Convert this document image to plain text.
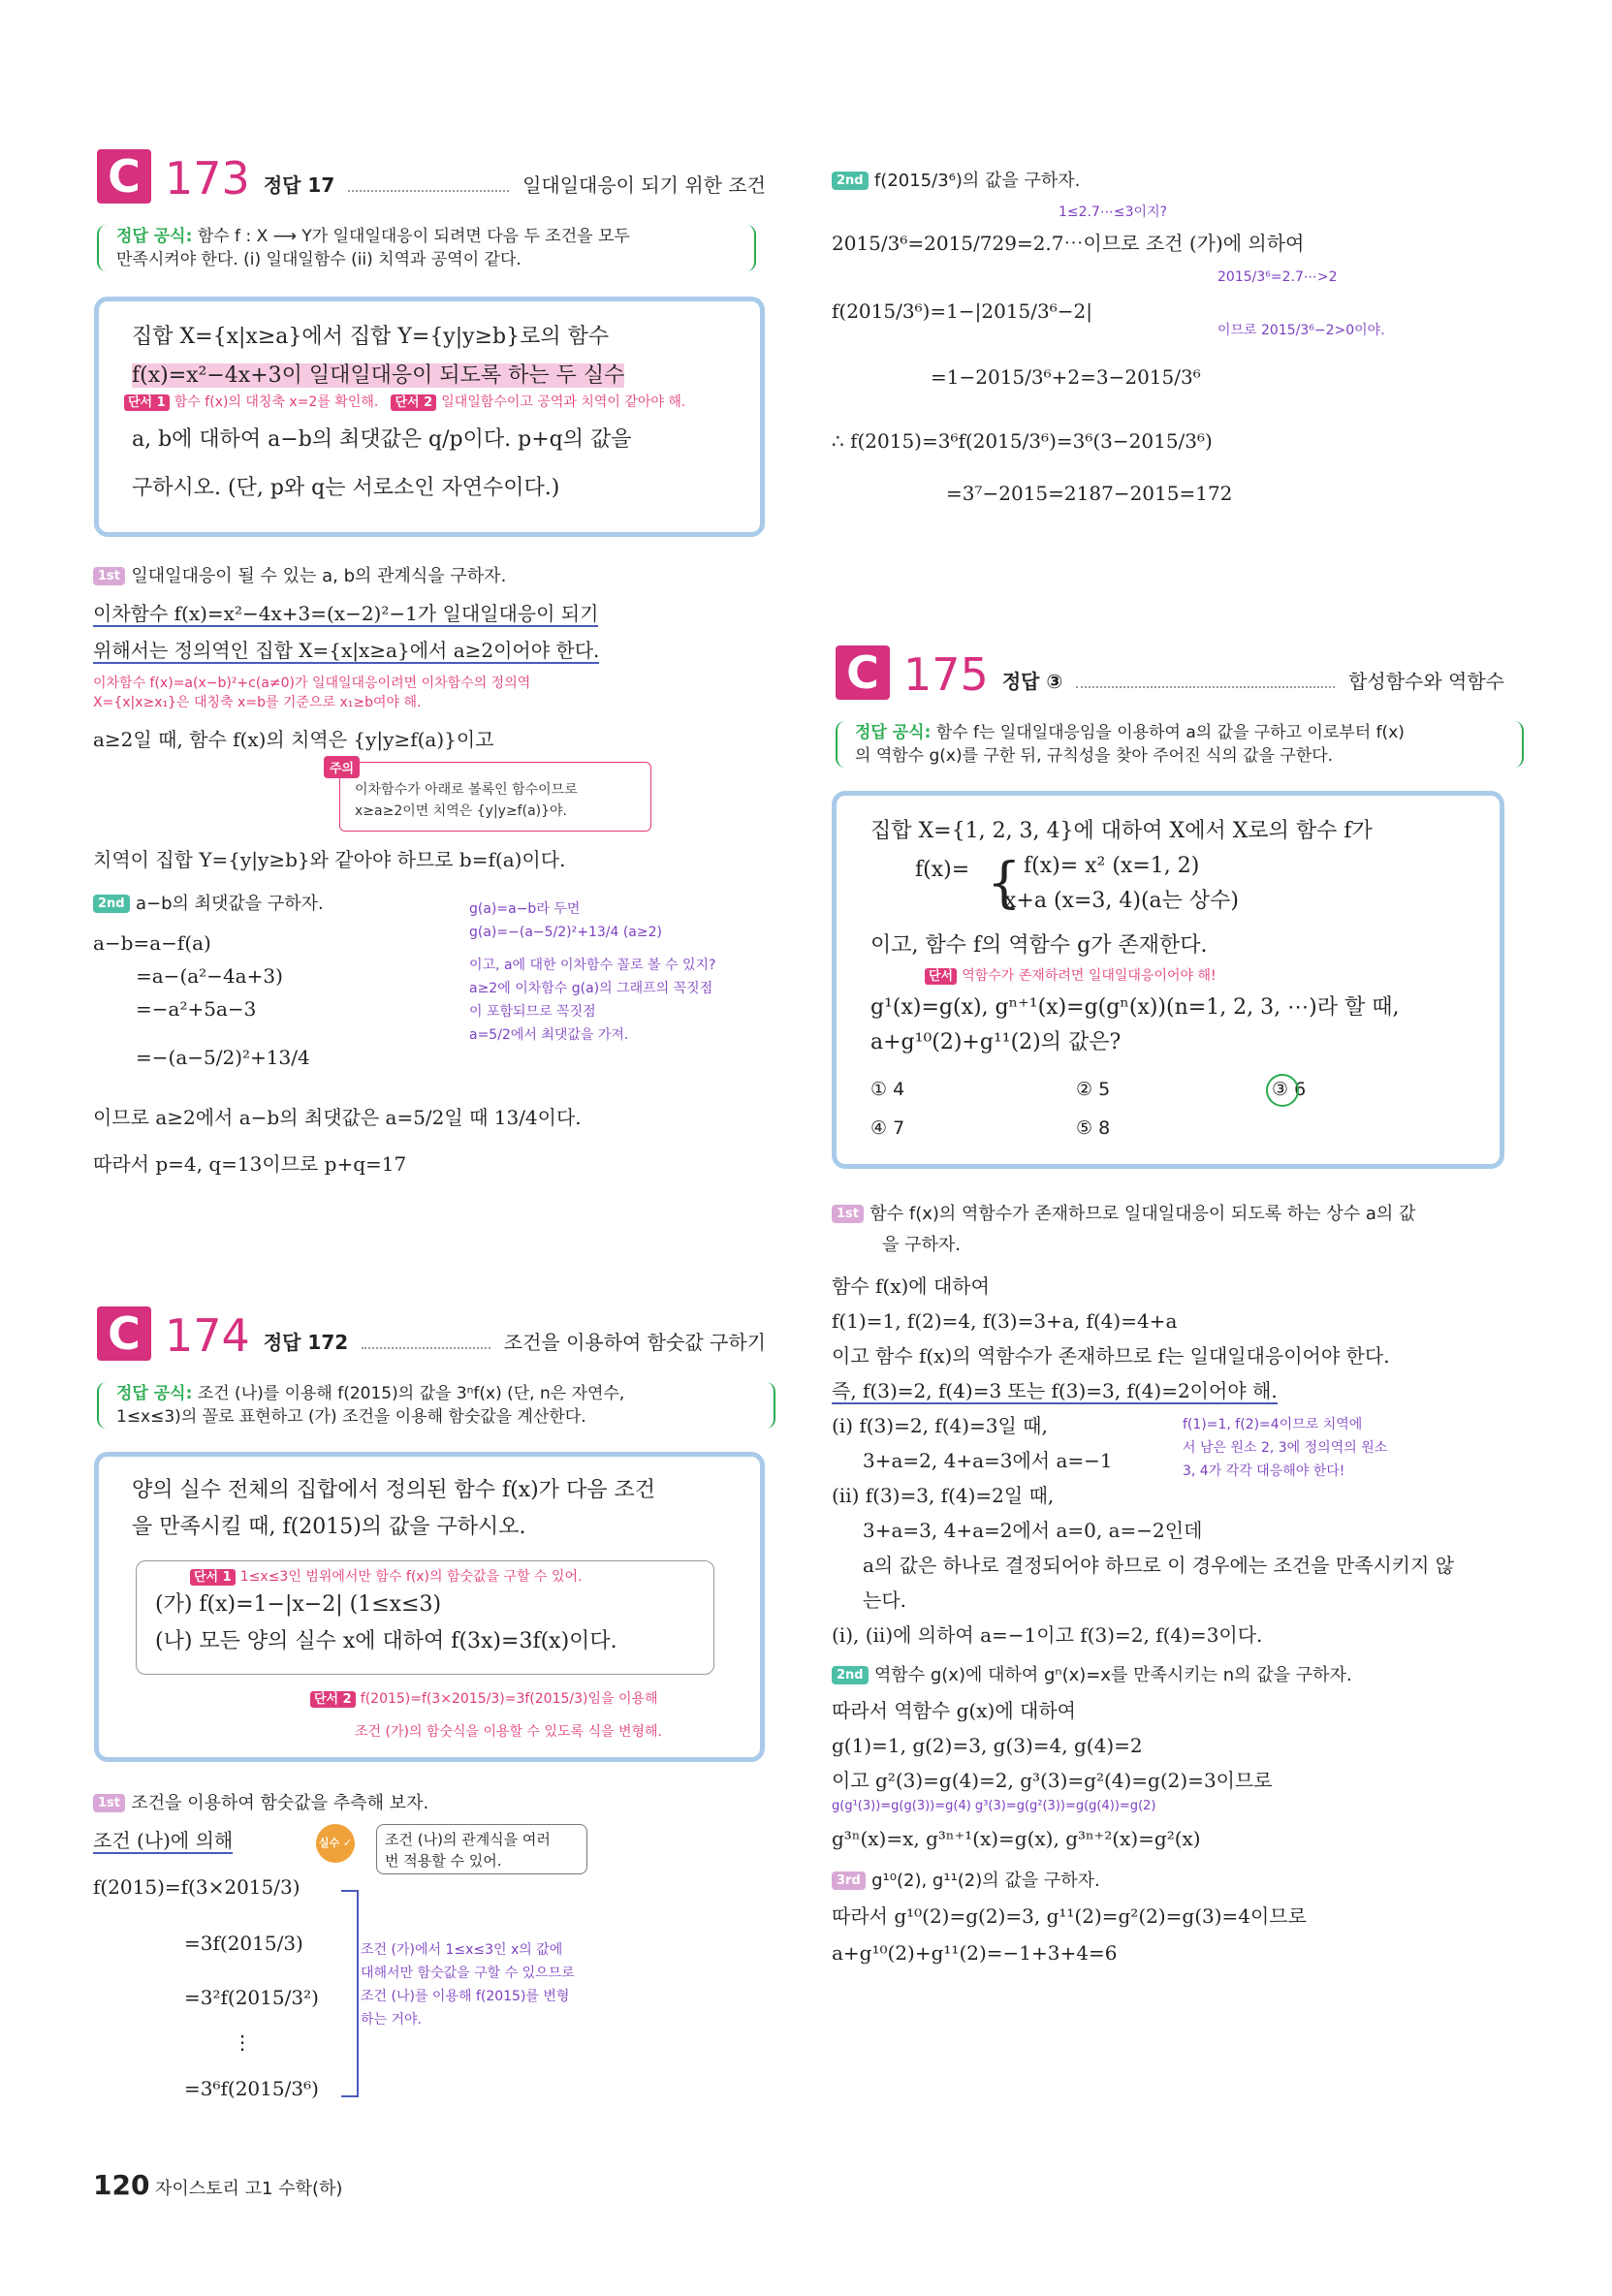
C 173 정답 17	일대일대응이 되기 위한 조건
정답 공식: 함수 f : X ⟶ Y가 일대일대응이 되려면 다음 두 조건을 모두
만족시켜야 한다. (i) 일대일함수 (ii) 치역과 공역이 같다.
집합 X={x|x≥a}에서 집합 Y={y|y≥b}로의 함수
f(x)=x²−4x+3이 일대일대응이 되도록 하는 두 실수
단서 1 함수 f(x)의 대칭축 x=2를 확인해. 단서 2 일대일함수이고 공역과 치역이 같아야 해.
a, b에 대하여 a−b의 최댓값은 q/p이다. p+q의 값을
구하시오. (단, p와 q는 서로소인 자연수이다.)
1st 일대일대응이 될 수 있는 a, b의 관계식을 구하자.
이차함수 f(x)=x²−4x+3=(x−2)²−1가 일대일대응이 되기
위해서는 정의역인 집합 X={x|x≥a}에서 a≥2이어야 한다.
이차함수 f(x)=a(x−b)²+c(a≠0)가 일대일대응이려면 이차함수의 정의역
X={x|x≥x₁}은 대칭축 x=b를 기준으로 x₁≥b여야 해.
a≥2일 때, 함수 f(x)의 치역은 {y|y≥f(a)}이고
주의
이차함수가 아래로 볼록인 함수이므로
x≥a≥2이면 치역은 {y|y≥f(a)}야.
치역이 집합 Y={y|y≥b}와 같아야 하므로 b=f(a)이다.
2nd a−b의 최댓값을 구하자.
a−b=a−f(a)
=a−(a²−4a+3)
=−a²+5a−3
=−(a−5/2)²+13/4
g(a)=a−b라 두면
g(a)=−(a−5/2)²+13/4 (a≥2)
이고, a에 대한 이차함수 꼴로 볼 수 있지?
a≥2에 이차함수 g(a)의 그래프의 꼭짓점
이 포함되므로 꼭짓점
a=5/2에서 최댓값을 가져.
이므로 a≥2에서 a−b의 최댓값은 a=5/2일 때 13/4이다.
따라서 p=4, q=13이므로 p+q=17
C 174 정답 172	조건을 이용하여 함숫값 구하기
정답 공식: 조건 (나)를 이용해 f(2015)의 값을 3ⁿf(x) (단, n은 자연수,
1≤x≤3)의 꼴로 표현하고 (가) 조건을 이용해 함숫값을 계산한다.
양의 실수 전체의 집합에서 정의된 함수 f(x)가 다음 조건
을 만족시킬 때, f(2015)의 값을 구하시오.
단서 1 1≤x≤3인 범위에서만 함수 f(x)의 함숫값을 구할 수 있어.
(가) f(x)=1−|x−2| (1≤x≤3)
(나) 모든 양의 실수 x에 대하여 f(3x)=3f(x)이다.
단서 2 f(2015)=f(3×2015/3)=3f(2015/3)임을 이용해
조건 (가)의 함숫식을 이용할 수 있도록 식을 변형해.
1st 조건을 이용하여 함숫값을 추측해 보자.
조건 (나)에 의해	실수 ✓ 조건 (나)의 관계식을 여러
번 적용할 수 있어.
f(2015)=f(3×2015/3)
=3f(2015/3)
=3²f(2015/3²)
⋮
=3⁶f(2015/3⁶)
조건 (가)에서 1≤x≤3인 x의 값에
대해서만 함숫값을 구할 수 있으므로
조건 (나)를 이용해 f(2015)를 변형
하는 거야.
2nd f(2015/3⁶)의 값을 구하자.
1≤2.7⋯≤3이지?
2015/3⁶=2015/729=2.7⋯이므로 조건 (가)에 의하여
f(2015/3⁶)=1−|2015/3⁶−2|
2015/3⁶=2.7⋯>2
이므로 2015/3⁶−2>0이야.
=1−2015/3⁶+2=3−2015/3⁶
∴ f(2015)=3⁶f(2015/3⁶)=3⁶(3−2015/3⁶)
=3⁷−2015=2187−2015=172
C 175 정답 ③	합성함수와 역함수
정답 공식: 함수 f는 일대일대응임을 이용하여 a의 값을 구하고 이로부터 f(x)
의 역함수 g(x)를 구한 뒤, 규칙성을 찾아 주어진 식의 값을 구한다.
집합 X={1, 2, 3, 4}에 대하여 X에서 X로의 함수 f가
f(x)= { f(x)= x² (x=1, 2)
x+a (x=3, 4)(a는 상수)
이고, 함수 f의 역함수 g가 존재한다.
단서 역함수가 존재하려면 일대일대응이어야 해!
g¹(x)=g(x), gⁿ⁺¹(x)=g(gⁿ(x))(n=1, 2, 3, ⋯)라 할 때,
a+g¹⁰(2)+g¹¹(2)의 값은?
① 4	② 5	③ 6
④ 7	⑤ 8
1st 함수 f(x)의 역함수가 존재하므로 일대일대응이 되도록 하는 상수 a의 값
을 구하자.
함수 f(x)에 대하여
f(1)=1, f(2)=4, f(3)=3+a, f(4)=4+a
이고 함수 f(x)의 역함수가 존재하므로 f는 일대일대응이어야 한다.
즉, f(3)=2, f(4)=3 또는 f(3)=3, f(4)=2이어야 해.
(i) f(3)=2, f(4)=3일 때,
3+a=2, 4+a=3에서 a=−1
f(1)=1, f(2)=4이므로 치역에
서 남은 원소 2, 3에 정의역의 원소
3, 4가 각각 대응해야 한다!
(ii) f(3)=3, f(4)=2일 때,
3+a=3, 4+a=2에서 a=0, a=−2인데
a의 값은 하나로 결정되어야 하므로 이 경우에는 조건을 만족시키지 않
는다.
(i), (ii)에 의하여 a=−1이고 f(3)=2, f(4)=3이다.
2nd 역함수 g(x)에 대하여 gⁿ(x)=x를 만족시키는 n의 값을 구하자.
따라서 역함수 g(x)에 대하여
g(1)=1, g(2)=3, g(3)=4, g(4)=2
이고 g²(3)=g(4)=2, g³(3)=g²(4)=g(2)=3이므로
g(g¹(3))=g(g(3))=g(4) g³(3)=g(g²(3))=g(g(4))=g(2)
g³ⁿ(x)=x, g³ⁿ⁺¹(x)=g(x), g³ⁿ⁺²(x)=g²(x)
3rd g¹⁰(2), g¹¹(2)의 값을 구하자.
따라서 g¹⁰(2)=g(2)=3, g¹¹(2)=g²(2)=g(3)=4이므로
a+g¹⁰(2)+g¹¹(2)=−1+3+4=6
120 자이스토리 고1 수학(하)
